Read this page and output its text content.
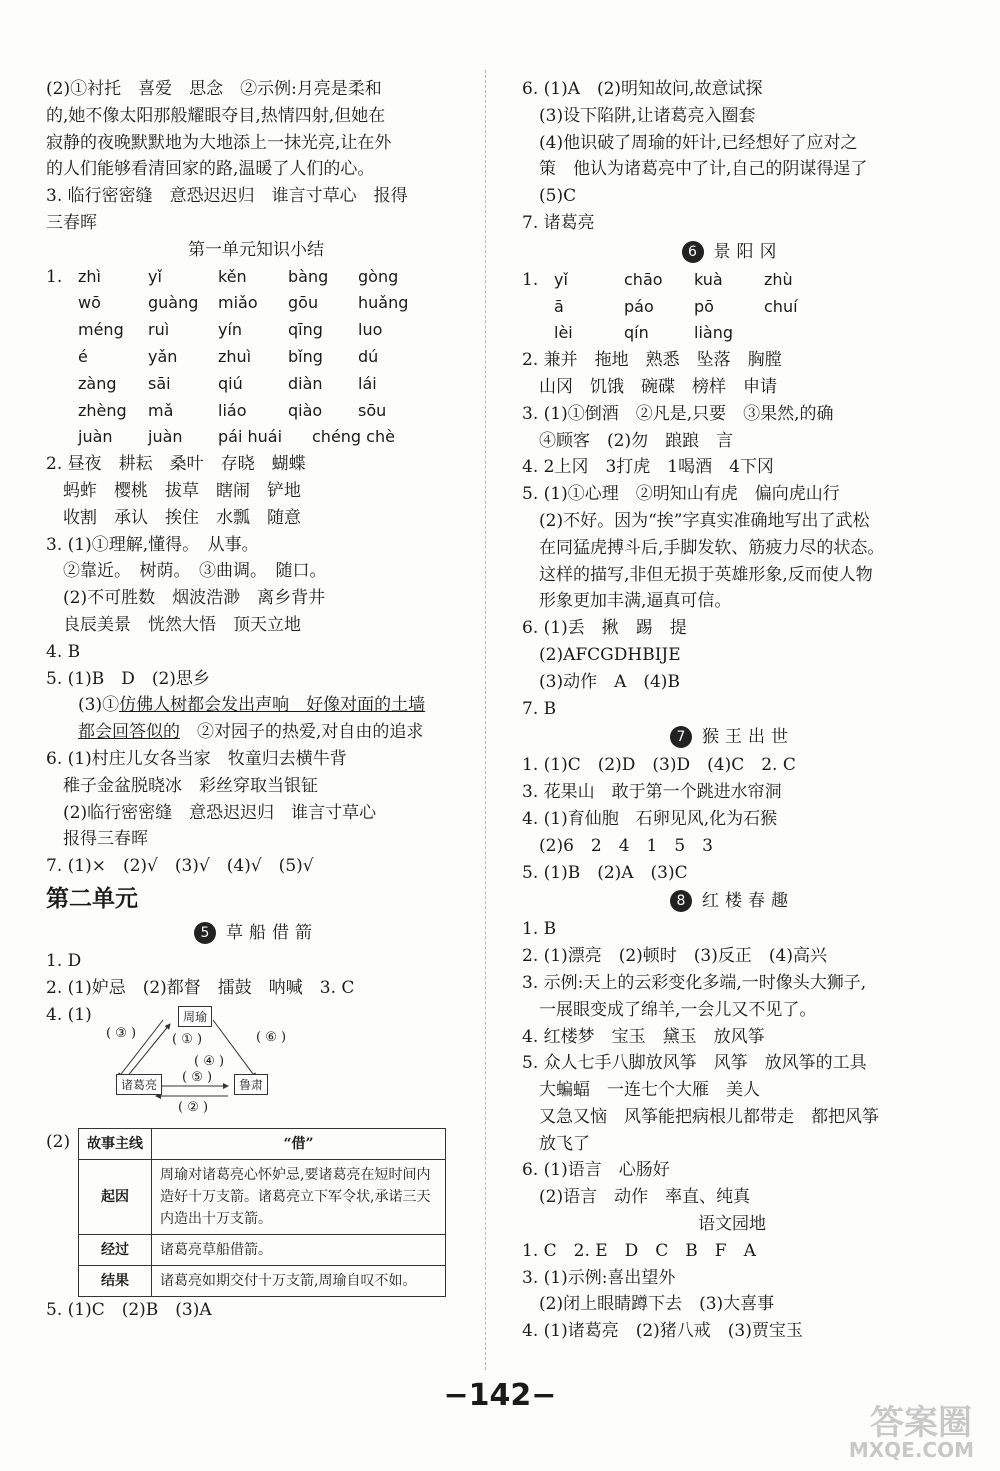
(2)①衬托　喜爱　思念　②示例:月亮是柔和
的,她不像太阳那般耀眼夺目,热情四射,但她在
寂静的夜晚默默地为大地添上一抹光亮,让在外
的人们能够看清回家的路,温暖了人们的心。
3. 临行密密缝　意恐迟迟归　谁言寸草心　报得
三春晖
第一单元知识小结
1. zhì	yǐ	kěn	bàng	gòng
wō	guàng	miǎo	gōu	huǎng
méng	ruì	yín	qīng	luo
é	yǎn	zhuì	bǐng	dú
zàng	sāi	qiú	diàn	lái
zhèng	mǎ	liáo	qiào	sōu
juàn	juàn	pái huái	chéng chè
2. 昼夜　耕耘　桑叶　存晓　蝴蝶
　蚂蚱　樱桃　拔草　瞎闹　铲地
　收割　承认　挨住　水瓢　随意
3. (1)①理解,懂得。　从事。
　②靠近。　树荫。　③曲调。　随口。
　(2)不可胜数　烟波浩渺　离乡背井
　良辰美景　恍然大悟　顶天立地
4. B
5. (1)B　D　(2)思乡
(3)①仿佛人树都会发出声响　好像对面的土墙
都会回答似的　②对园子的热爱,对自由的追求
6. (1)村庄儿女各当家　牧童归去横牛背
　稚子金盆脱晓冰　彩丝穿取当银钲
　(2)临行密密缝　意恐迟迟归　谁言寸草心
　报得三春晖
7. (1)×　(2)√　(3)√　(4)√　(5)√
第二单元
5 草船借箭
1. D
2. (1)妒忌　(2)都督　擂鼓　呐喊　3. C
4. (1)	周瑜
诸葛亮	鲁肃
( ③ )	( ① )
( ④ )
( ⑥ )
( ⑤ )
( ② )
(2) 故事主线	“借”
起因	周瑜对诸葛亮心怀妒忌,要诸葛亮在短时间内造好十万支箭。诸葛亮立下军令状,承诺三天内造出十万支箭。
经过	诸葛亮草船借箭。
结果	诸葛亮如期交付十万支箭,周瑜自叹不如。
5. (1)C　(2)B　(3)A
6. (1)A　(2)明知故问,故意试探
　(3)设下陷阱,让诸葛亮入圈套
　(4)他识破了周瑜的奸计,已经想好了应对之
　策　他认为诸葛亮中了计,自己的阴谋得逞了
　(5)C
7. 诸葛亮
6 景阳冈
1. yǐ	chāo	kuà	zhù
ā	páo	pō	chuí
lèi	qín	liàng
2. 兼并　拖地　熟悉　坠落　胸膛
　山冈　饥饿　碗碟　榜样　申请
3. (1)①倒酒　②凡是,只要　③果然,的确
　④顾客　(2)勿　踉踉　言
4. 2上冈　3打虎　1喝酒　4下冈
5. (1)①心理　②明知山有虎　偏向虎山行
　(2)不好。因为“挨”字真实准确地写出了武松
　在同猛虎搏斗后,手脚发软、筋疲力尽的状态。
　这样的描写,非但无损于英雄形象,反而使人物
　形象更加丰满,逼真可信。
6. (1)丢　揪　踢　提
　(2)AFCGDHBIJE
　(3)动作　A　(4)B
7. B
7 猴王出世
1. (1)C　(2)D　(3)D　(4)C　2. C
3. 花果山　敢于第一个跳进水帘洞
4. (1)育仙胞　石卵见风,化为石猴
　(2)6　2　4　1　5　3
5. (1)B　(2)A　(3)C
8 红楼春趣
1. B
2. (1)漂亮　(2)顿时　(3)反正　(4)高兴
3. 示例:天上的云彩变化多端,一时像头大狮子,
　一展眼变成了绵羊,一会儿又不见了。
4. 红楼梦　宝玉　黛玉　放风筝
5. 众人七手八脚放风筝　风筝　放风筝的工具
　大蝙蝠　一连七个大雁　美人
　又急又恼　风筝能把病根儿都带走　都把风筝
　放飞了
6. (1)语言　心肠好
　(2)语言　动作　率直、纯真
语文园地
1. C　2. E　D　C　B　F　A
3. (1)示例:喜出望外
　(2)闭上眼睛蹲下去　(3)大喜事
4. (1)诸葛亮　(2)猪八戒　(3)贾宝玉
−142−
答案圈
MXQE.COM
